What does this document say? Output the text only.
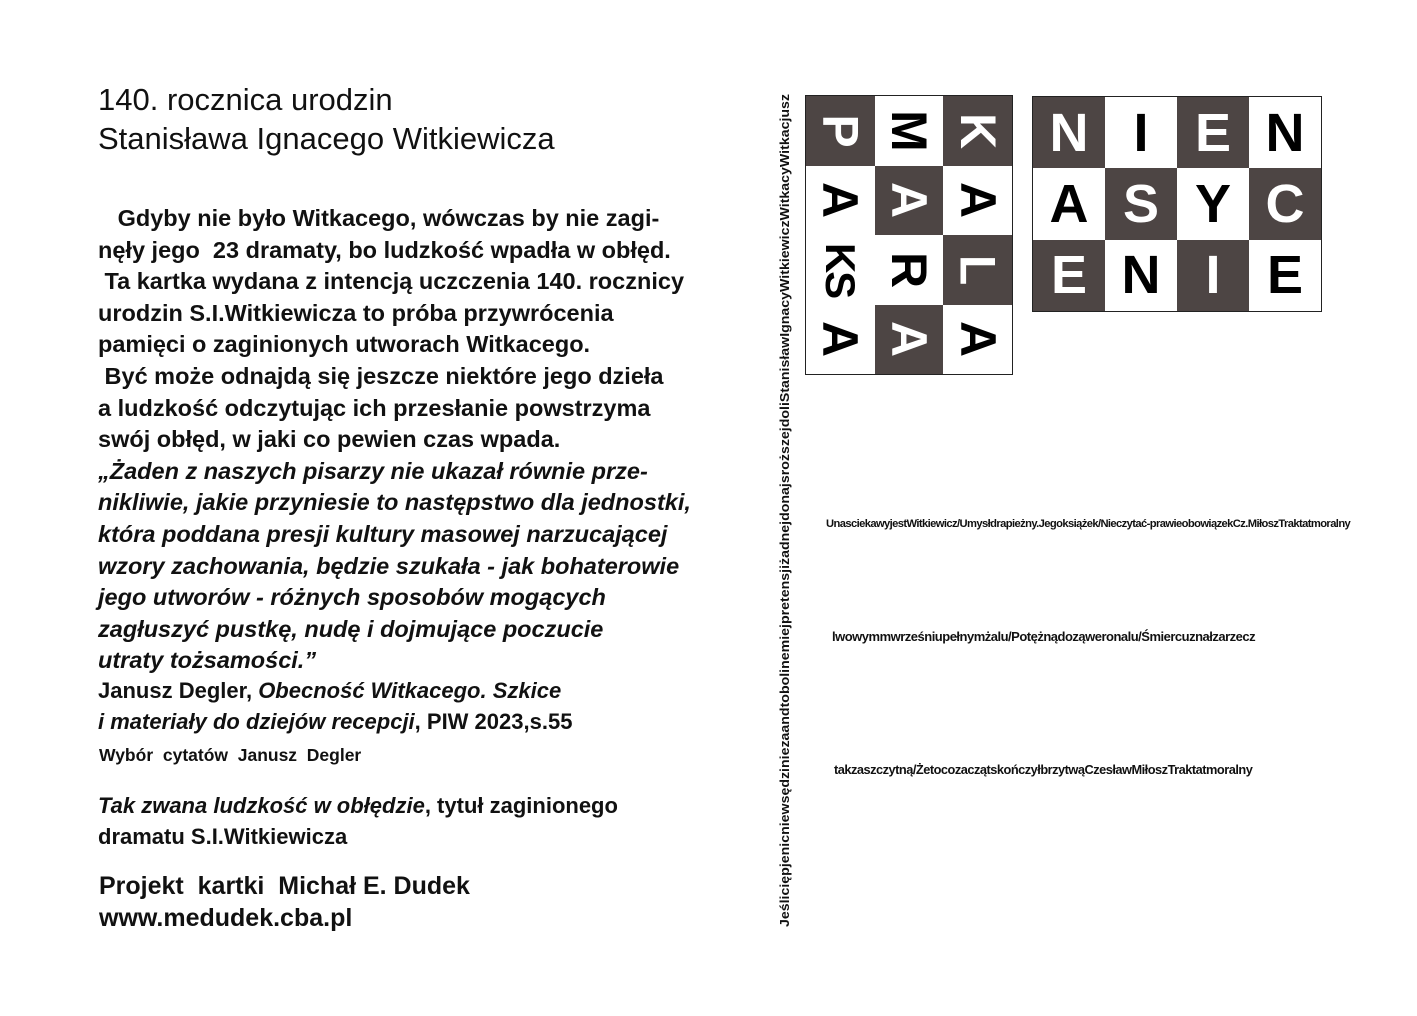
140. rocznica urodzin
Stanisława Ignacego Witkiewicza
Gdyby nie było Witkacego, wówczas by nie zagi-
nęły jego  23 dramaty, bo ludzkość wpadła w obłęd.
Ta kartka wydana z intencją uczczenia 140. rocznicy
urodzin S.I.Witkiewicza to próba przywrócenia
pamięci o zaginionych utworach Witkacego.
Być może odnajdą się jeszcze niektóre jego dzieła
a ludzkość odczytując ich przesłanie powstrzyma
swój obłęd, w jaki co pewien czas wpada.
„Żaden z naszych pisarzy nie ukazał równie prze-
nikliwie, jakie przyniesie to następstwo dla jednostki,
która poddana presji kultury masowej narzucającej
wzory zachowania, będzie szukała - jak bohaterowie
jego utworów - różnych sposobów mogących
zagłuszyć pustkę, nudę i dojmujące poczucie
utraty tożsamości.”
Janusz Degler, Obecność Witkacego. Szkice
i materiały do dziejów recepcji, PIW 2023,s.55
Wybór  cytatów  Janusz  Degler
Tak zwana ludzkość w obłędzie, tytuł zaginionego
dramatu S.I.Witkiewicza
Projekt  kartki  Michał E. Dudek
www.medudek.cba.pl	JeśliciępjenicniewsędziniezaandtobolinemiejpretensjiżadnejdonajsroższejdoliStanisławIgnacyWitkiewiczWitkacyWitkacjusz
P M K
A A A
KS R L
A A A
N I E N
A S Y C
E N I E
UnasciekawyjestWitkiewicz/Umysłdrapieżny.Jegoksiążek/Nieczytać-prawieobowiązekCz.MiłoszTraktatmoralny
lwowymmwrześniupełnymżalu/Potężnądoząweronalu/Śmiercuznałzarzecz
takzaszczytną/ŻetocozaczątskończyłbrzytwąCzesławMiłoszTraktatmoralny
